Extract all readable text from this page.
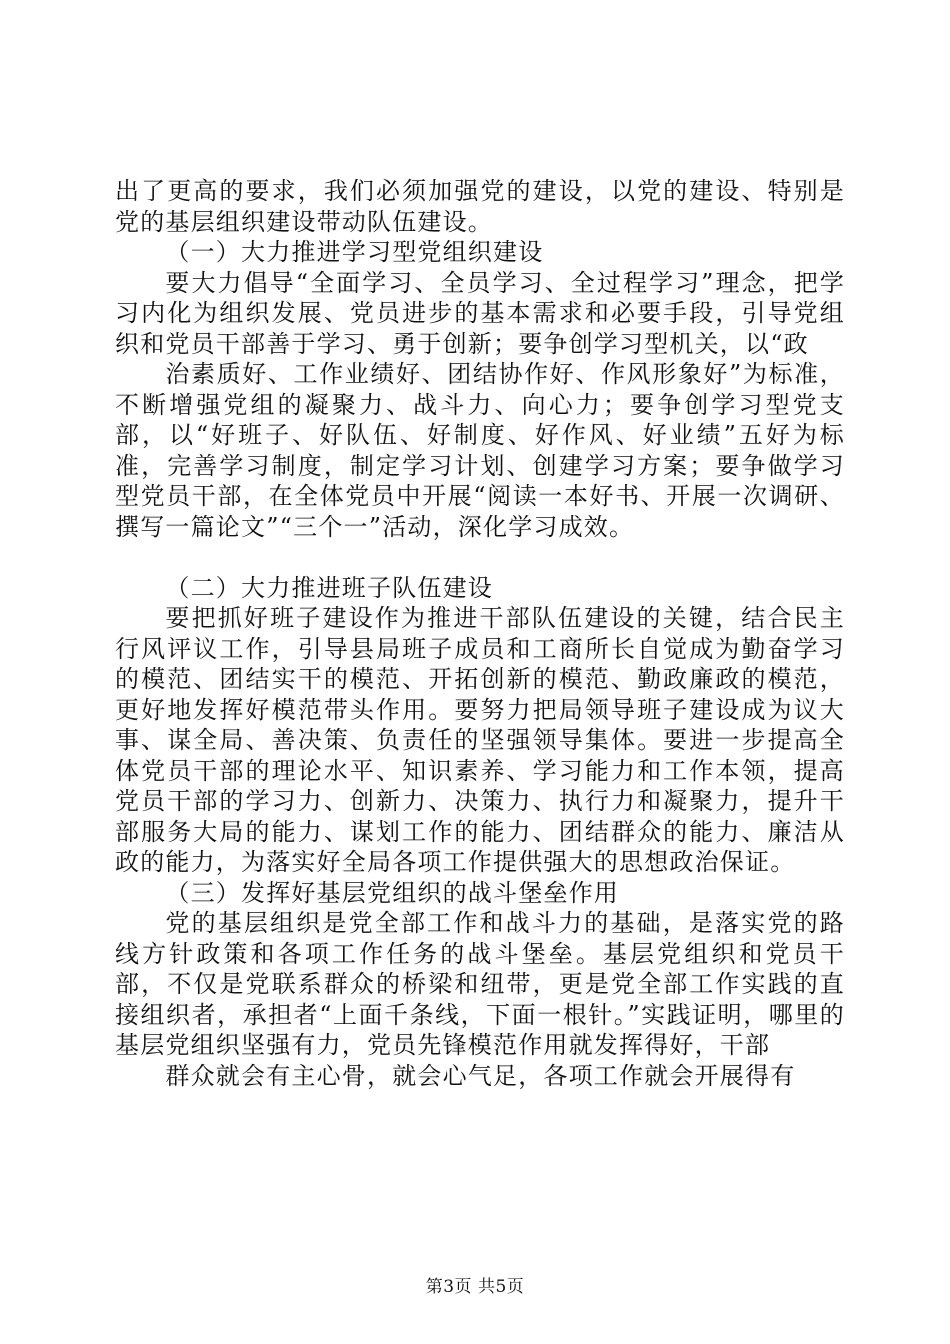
出了更高的要求，我们必须加强党的建设，以党的建设、特别是党的基层组织建设带动队伍建设。

（一）大力推进学习型党组织建设

要大力倡导“全面学习、全员学习、全过程学习”理念，把学习内化为组织发展、党员进步的基本需求和必要手段，引导党组织和党员干部善于学习、勇于创新；要争创学习型机关，以“政

治素质好、工作业绩好、团结协作好、作风形象好”为标准，不断增强党组的凝聚力、战斗力、向心力；要争创学习型党支部，以“好班子、好队伍、好制度、好作风、好业绩”五好为标准，完善学习制度，制定学习计划、创建学习方案；要争做学习型党员干部，在全体党员中开展“阅读一本好书、开展一次调研、撰写一篇论文”“三个一”活动，深化学习成效。

（二）大力推进班子队伍建设

要把抓好班子建设作为推进干部队伍建设的关键，结合民主行风评议工作，引导县局班子成员和工商所长自觉成为勤奋学习的模范、团结实干的模范、开拓创新的模范、勤政廉政的模范，更好地发挥好模范带头作用。要努力把局领导班子建设成为议大事、谋全局、善决策、负责任的坚强领导集体。要进一步提高全体党员干部的理论水平、知识素养、学习能力和工作本领，提高党员干部的学习力、创新力、决策力、执行力和凝聚力，提升干部服务大局的能力、谋划工作的能力、团结群众的能力、廉洁从政的能力，为落实好全局各项工作提供强大的思想政治保证。

（三）发挥好基层党组织的战斗堡垒作用

党的基层组织是党全部工作和战斗力的基础，是落实党的路线方针政策和各项工作任务的战斗堡垒。基层党组织和党员干部，不仅是党联系群众的桥梁和纽带，更是党全部工作实践的直接组织者，承担者“上面千条线，下面一根针。”实践证明，哪里的基层党组织坚强有力，党员先锋模范作用就发挥得好，干部

群众就会有主心骨，就会心气足，各项工作就会开展得有

第3页 共5页
